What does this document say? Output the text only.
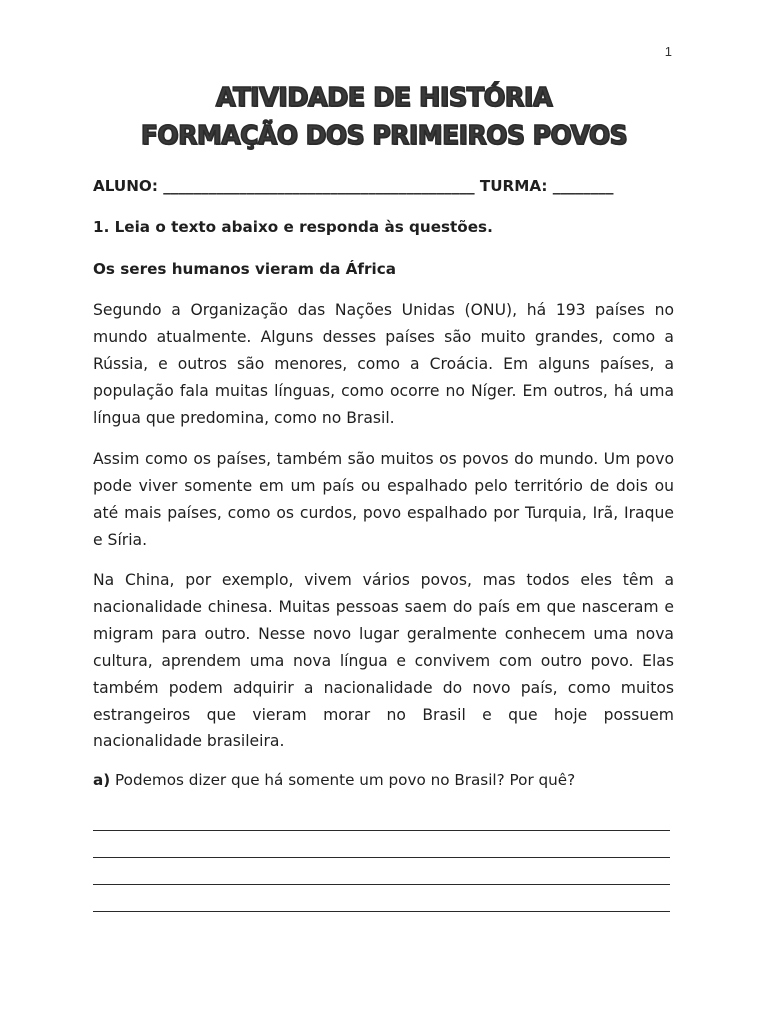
1
ATIVIDADE DE HISTÓRIA
FORMAÇÃO DOS PRIMEIROS POVOS
ALUNO: _________________________________________ TURMA: ________
1. Leia o texto abaixo e responda às questões.
Os seres humanos vieram da África
Segundo a Organização das Nações Unidas (ONU), há 193 países no mundo atualmente. Alguns desses países são muito grandes, como a Rússia, e outros são menores, como a Croácia. Em alguns países, a população fala muitas línguas, como ocorre no Níger. Em outros, há uma língua que predomina, como no Brasil.
Assim como os países, também são muitos os povos do mundo. Um povo pode viver somente em um país ou espalhado pelo território de dois ou até mais países, como os curdos, povo espalhado por Turquia, Irã, Iraque e Síria.
Na China, por exemplo, vivem vários povos, mas todos eles têm a nacionalidade chinesa. Muitas pessoas saem do país em que nasceram e migram para outro. Nesse novo lugar geralmente conhecem uma nova cultura, aprendem uma nova língua e convivem com outro povo. Elas também podem adquirir a nacionalidade do novo país, como muitos estrangeiros que vieram morar no Brasil e que hoje possuem nacionalidade brasileira.
a) Podemos dizer que há somente um povo no Brasil? Por quê?
